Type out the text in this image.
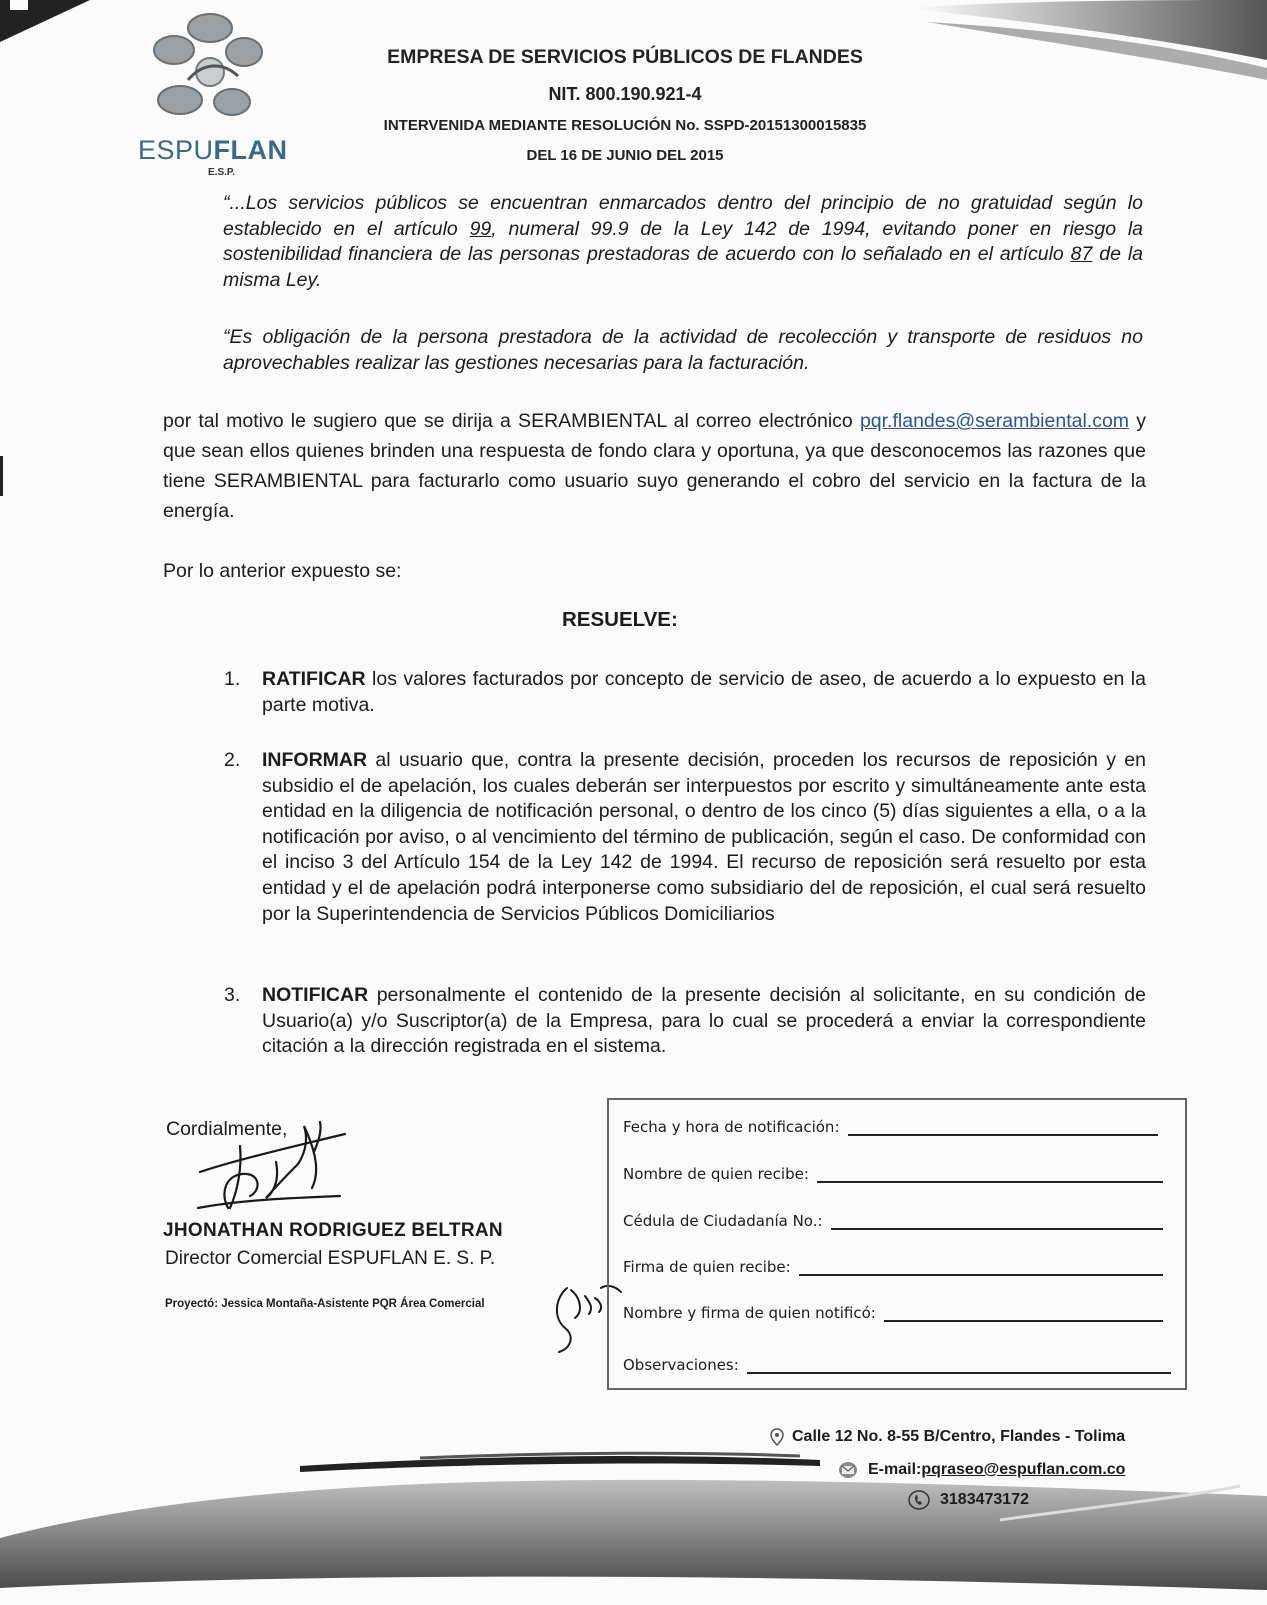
ESPUFLAN
E.S.P.
EMPRESA DE SERVICIOS PÚBLICOS DE FLANDES
NIT. 800.190.921-4
INTERVENIDA MEDIANTE RESOLUCIÓN No. SSPD-20151300015835
DEL 16 DE JUNIO DEL 2015
“...Los servicios públicos se encuentran enmarcados dentro del principio de no gratuidad según lo establecido en el artículo 99, numeral 99.9 de la Ley 142 de 1994, evitando poner en riesgo la sostenibilidad financiera de las personas prestadoras de acuerdo con lo señalado en el artículo 87 de la misma Ley.
“Es obligación de la persona prestadora de la actividad de recolección y transporte de residuos no aprovechables realizar las gestiones necesarias para la facturación.
por tal motivo le sugiero que se dirija a SERAMBIENTAL al correo electrónico pqr.flandes@serambiental.com y que sean ellos quienes brinden una respuesta de fondo clara y oportuna, ya que desconocemos las razones que tiene SERAMBIENTAL para facturarlo como usuario suyo generando el cobro del servicio en la factura de la energía.
Por lo anterior expuesto se:
RESUELVE:
1. RATIFICAR los valores facturados por concepto de servicio de aseo, de acuerdo a lo expuesto en la parte motiva.
2. INFORMAR al usuario que, contra la presente decisión, proceden los recursos de reposición y en subsidio el de apelación, los cuales deberán ser interpuestos por escrito y simultáneamente ante esta entidad en la diligencia de notificación personal, o dentro de los cinco (5) días siguientes a ella, o a la notificación por aviso, o al vencimiento del término de publicación, según el caso. De conformidad con el inciso 3 del Artículo 154 de la Ley 142 de 1994. El recurso de reposición será resuelto por esta entidad y el de apelación podrá interponerse como subsidiario del de reposición, el cual será resuelto por la Superintendencia de Servicios Públicos Domiciliarios
3. NOTIFICAR personalmente el contenido de la presente decisión al solicitante, en su condición de Usuario(a) y/o Suscriptor(a) de la Empresa, para lo cual se procederá a enviar la correspondiente citación a la dirección registrada en el sistema.
Cordialmente,
JHONATHAN RODRIGUEZ BELTRAN
Director Comercial ESPUFLAN E. S. P.
Proyectó: Jessica Montaña-Asistente PQR Área Comercial
Fecha y hora de notificación:
Nombre de quien recibe:
Cédula de Ciudadanía No.:
Firma de quien recibe:
Nombre y firma de quien notificó:
Observaciones:
Calle 12 No. 8-55 B/Centro, Flandes - Tolima
E-mail: pqraseo@espuflan.com.co
3183473172
